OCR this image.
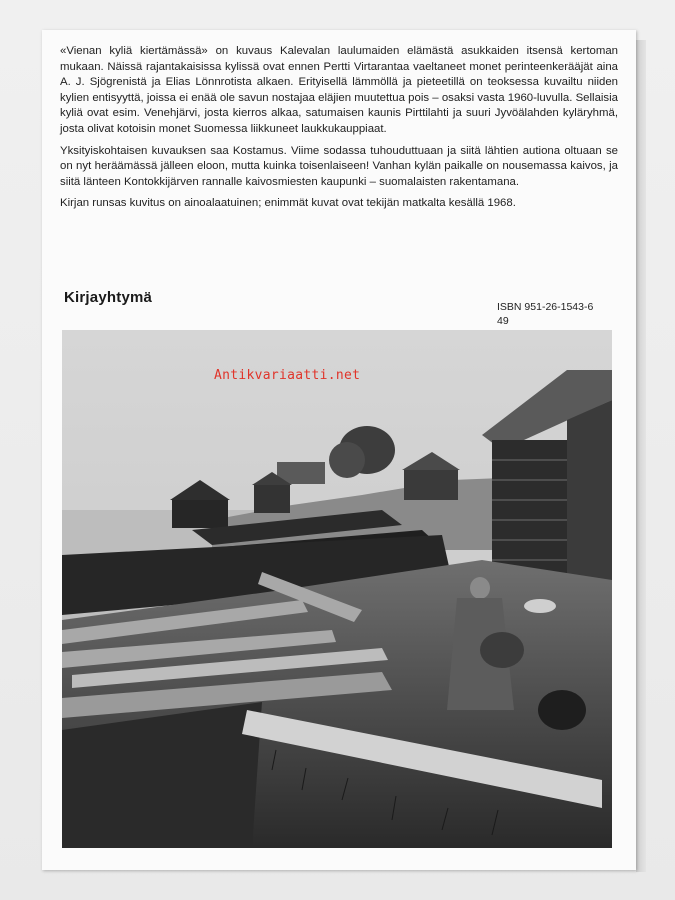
«Vienan kyliä kiertämässä» on kuvaus Kalevalan laulumaiden elämästä asukkaiden itsensä kertoman mukaan. Näissä rajantakaisissa kylissä ovat ennen Pertti Virtarantaa vaeltaneet monet perinteenkerääjät aina A. J. Sjögrenistä ja Elias Lönnrotista alkaen. Erityisellä lämmöllä ja pieteetillä on teoksessa kuvailtu niiden kylien entisyyttä, joissa ei enää ole savun nostajaa eläjien muutettua pois – osaksi vasta 1960-luvulla. Sellaisia kyliä ovat esim. Venehjärvi, josta kierros alkaa, satumaisen kaunis Pirttilahti ja suuri Jyvöälahden kyläryhmä, josta olivat kotoisin monet Suomessa liikkuneet laukkukauppiaat.

Yksityiskohtaisen kuvauksen saa Kostamus. Viime sodassa tuhouduttuaan ja siitä lähtien autiona oltuaan se on nyt heräämässä jälleen eloon, mutta kuinka toisenlaiseen! Vanhan kylän paikalle on nousemassa kaivos, ja siitä länteen Kontokkijärven rannalle kaivosmiesten kaupunki – suomalaisten rakentamana.

Kirjan runsas kuvitus on ainoalaatuinen; enimmät kuvat ovat tekijän matkalta kesällä 1968.

Kirjayhtymä
ISBN 951-26-1543-6
49
Antikvariaatti.net
